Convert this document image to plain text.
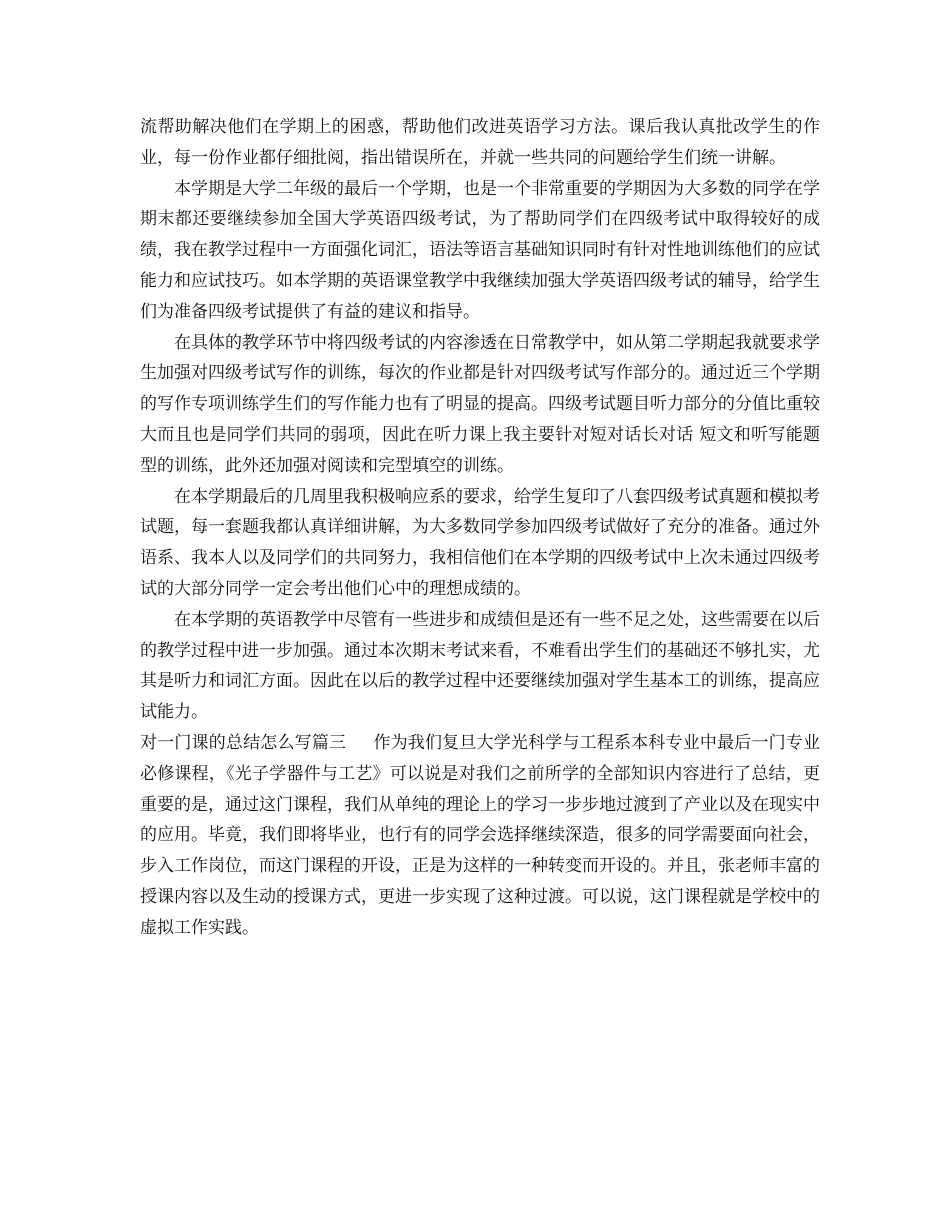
流帮助解决他们在学期上的困惑，帮助他们改进英语学习方法。课后我认真批改学生的作业，每一份作业都仔细批阅，指出错误所在，并就一些共同的问题给学生们统一讲解。

本学期是大学二年级的最后一个学期，也是一个非常重要的学期因为大多数的同学在学期末都还要继续参加全国大学英语四级考试，为了帮助同学们在四级考试中取得较好的成绩，我在教学过程中一方面强化词汇，语法等语言基础知识同时有针对性地训练他们的应试能力和应试技巧。如本学期的英语课堂教学中我继续加强大学英语四级考试的辅导，给学生们为准备四级考试提供了有益的建议和指导。

在具体的教学环节中将四级考试的内容渗透在日常教学中，如从第二学期起我就要求学生加强对四级考试写作的训练，每次的作业都是针对四级考试写作部分的。通过近三个学期的写作专项训练学生们的写作能力也有了明显的提高。四级考试题目听力部分的分值比重较大而且也是同学们共同的弱项，因此在听力课上我主要针对短对话长对话 短文和听写能题型的训练，此外还加强对阅读和完型填空的训练。

在本学期最后的几周里我积极响应系的要求，给学生复印了八套四级考试真题和模拟考试题，每一套题我都认真详细讲解，为大多数同学参加四级考试做好了充分的准备。通过外语系、我本人以及同学们的共同努力，我相信他们在本学期的四级考试中上次未通过四级考试的大部分同学一定会考出他们心中的理想成绩的。

在本学期的英语教学中尽管有一些进步和成绩但是还有一些不足之处，这些需要在以后的教学过程中进一步加强。通过本次期末考试来看，不难看出学生们的基础还不够扎实，尤其是听力和词汇方面。因此在以后的教学过程中还要继续加强对学生基本工的训练，提高应试能力。

对一门课的总结怎么写篇三 作为我们复旦大学光科学与工程系本科专业中最后一门专业必修课程，《光子学器件与工艺》可以说是对我们之前所学的全部知识内容进行了总结，更重要的是，通过这门课程，我们从单纯的理论上的学习一步步地过渡到了产业以及在现实中的应用。毕竟，我们即将毕业，也行有的同学会选择继续深造，很多的同学需要面向社会，步入工作岗位，而这门课程的开设，正是为这样的一种转变而开设的。并且，张老师丰富的授课内容以及生动的授课方式，更进一步实现了这种过渡。可以说，这门课程就是学校中的虚拟工作实践。
